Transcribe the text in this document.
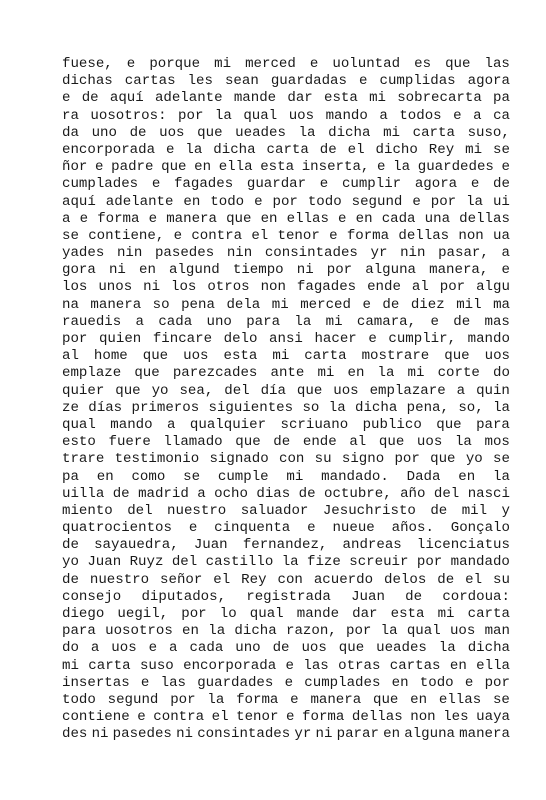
fuese, e porque mi merced e uoluntad es que las
dichas cartas les sean guardadas e cumplidas agora
e de aquí adelante mande dar esta mi sobrecarta pa
ra uosotros: por la qual uos mando a todos e a ca
da uno de uos que ueades la dicha mi carta suso,
encorporada e la dicha carta de el dicho Rey mi se
ñor e padre que en ella esta inserta, e la guardedes e
cumplades e fagades guardar e cumplir agora e de
aquí adelante en todo e por todo segund e por la ui
a e forma e manera que en ellas e en cada una dellas
se contiene, e contra el tenor e forma dellas non ua
yades nin pasedes nin consintades yr nin pasar, a
gora ni en algund tiempo ni por alguna manera, e
los unos ni los otros non fagades ende al por algu
na manera so pena dela mi merced e de diez mil ma
rauedis a cada uno para la mi camara, e de mas
por quien fincare delo ansi hacer e cumplir, mando
al home que uos esta mi carta mostrare que uos
emplaze que parezcades ante mi en la mi corte do
quier que yo sea, del día que uos emplazare a quin
ze días primeros siguientes so la dicha pena, so, la
qual mando a qualquier scriuano publico que para
esto fuere llamado que de ende al que uos la mos
trare testimonio signado con su signo por que yo se
pa en como se cumple mi mandado. Dada en la
uilla de madrid a ocho dias de octubre, año del nasci
miento del nuestro saluador Jesuchristo de mil y
quatrocientos e cinquenta e nueue años. Gonçalo
de sayauedra, Juan fernandez, andreas licenciatus
yo Juan Ruyz del castillo la fize screuir por mandado
de nuestro señor el Rey con acuerdo delos de el su
consejo diputados, registrada Juan de cordoua:
diego uegil, por lo qual mande dar esta mi carta
para uosotros en la dicha razon, por la qual uos man
do a uos e a cada uno de uos que ueades la dicha
mi carta suso encorporada e las otras cartas en ella
insertas e las guardades e cumplades en todo e por
todo segund por la forma e manera que en ellas se
contiene e contra el tenor e forma dellas non les uaya
des ni pasedes ni consintades yr ni parar en alguna manera
